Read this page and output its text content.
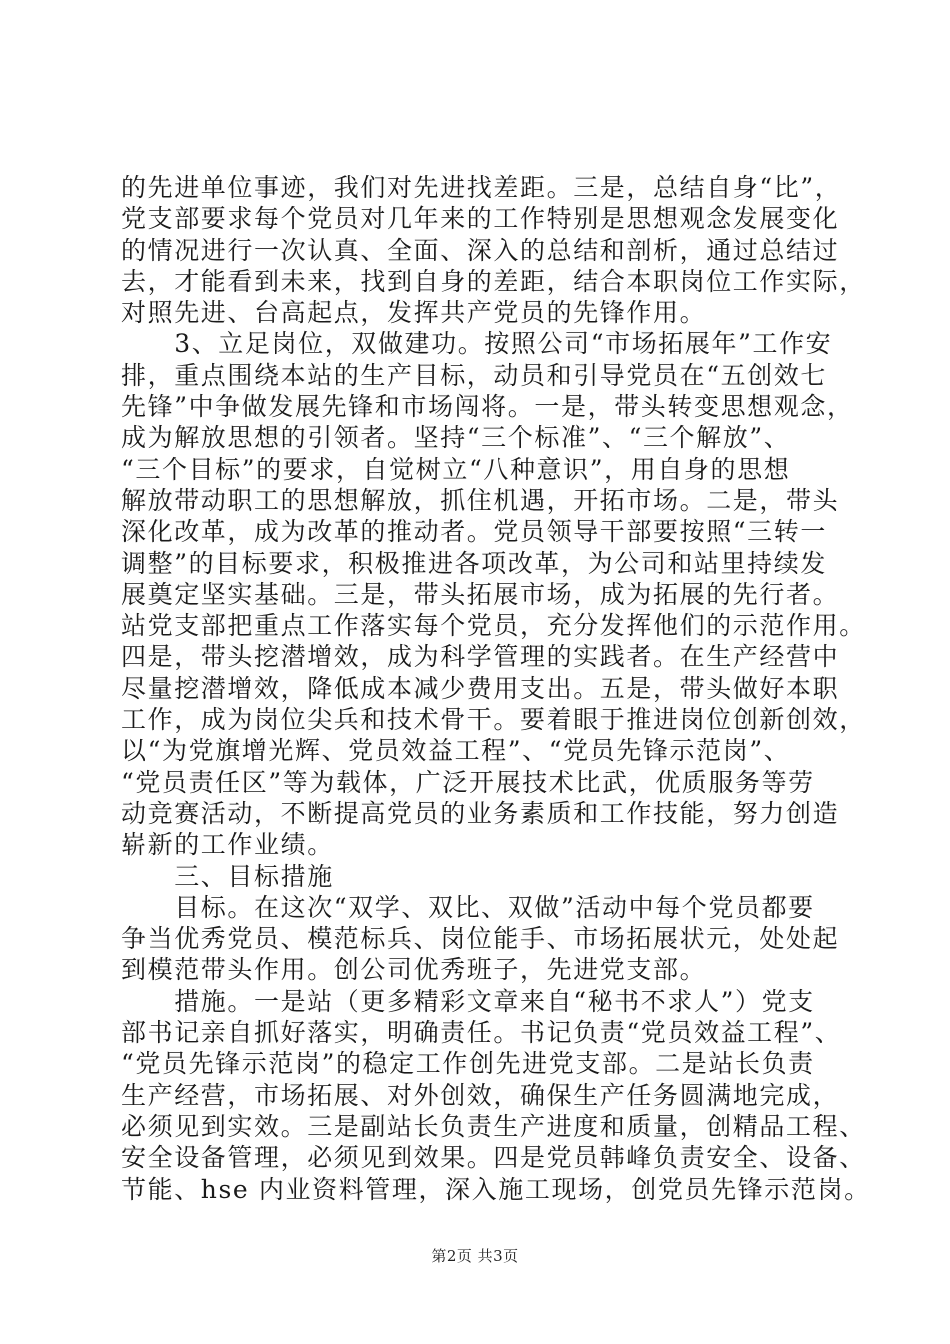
的先进单位事迹，我们对先进找差距。三是，总结自身“比”，
党支部要求每个党员对几年来的工作特别是思想观念发展变化
的情况进行一次认真、全面、深入的总结和剖析，通过总结过
去，才能看到未来，找到自身的差距，结合本职岗位工作实际，
对照先进、台高起点，发挥共产党员的先锋作用。
　　3、立足岗位，双做建功。按照公司“市场拓展年”工作安
排，重点围绕本站的生产目标，动员和引导党员在“五创效七
先锋”中争做发展先锋和市场闯将。一是，带头转变思想观念，
成为解放思想的引领者。坚持“三个标准”、“三个解放”、
“三个目标”的要求，自觉树立“八种意识”，用自身的思想
解放带动职工的思想解放，抓住机遇，开拓市场。二是，带头
深化改革，成为改革的推动者。党员领导干部要按照“三转一
调整”的目标要求，积极推进各项改革，为公司和站里持续发
展奠定坚实基础。三是，带头拓展市场，成为拓展的先行者。
站党支部把重点工作落实每个党员，充分发挥他们的示范作用。
四是，带头挖潜增效，成为科学管理的实践者。在生产经营中
尽量挖潜增效，降低成本减少费用支出。五是，带头做好本职
工作，成为岗位尖兵和技术骨干。要着眼于推进岗位创新创效，
以“为党旗增光辉、党员效益工程”、“党员先锋示范岗”、
“党员责任区”等为载体，广泛开展技术比武，优质服务等劳
动竞赛活动，不断提高党员的业务素质和工作技能，努力创造
崭新的工作业绩。
　　三、目标措施
　　目标。在这次“双学、双比、双做”活动中每个党员都要
争当优秀党员、模范标兵、岗位能手、市场拓展状元，处处起
到模范带头作用。创公司优秀班子，先进党支部。
　　措施。一是站（更多精彩文章来自“秘书不求人”）党支
部书记亲自抓好落实，明确责任。书记负责“党员效益工程”、
“党员先锋示范岗”的稳定工作创先进党支部。二是站长负责
生产经营，市场拓展、对外创效，确保生产任务圆满地完成，
必须见到实效。三是副站长负责生产进度和质量，创精品工程、
安全设备管理，必须见到效果。四是党员韩峰负责安全、设备、
节能、hse 内业资料管理，深入施工现场，创党员先锋示范岗。
第2页 共3页
